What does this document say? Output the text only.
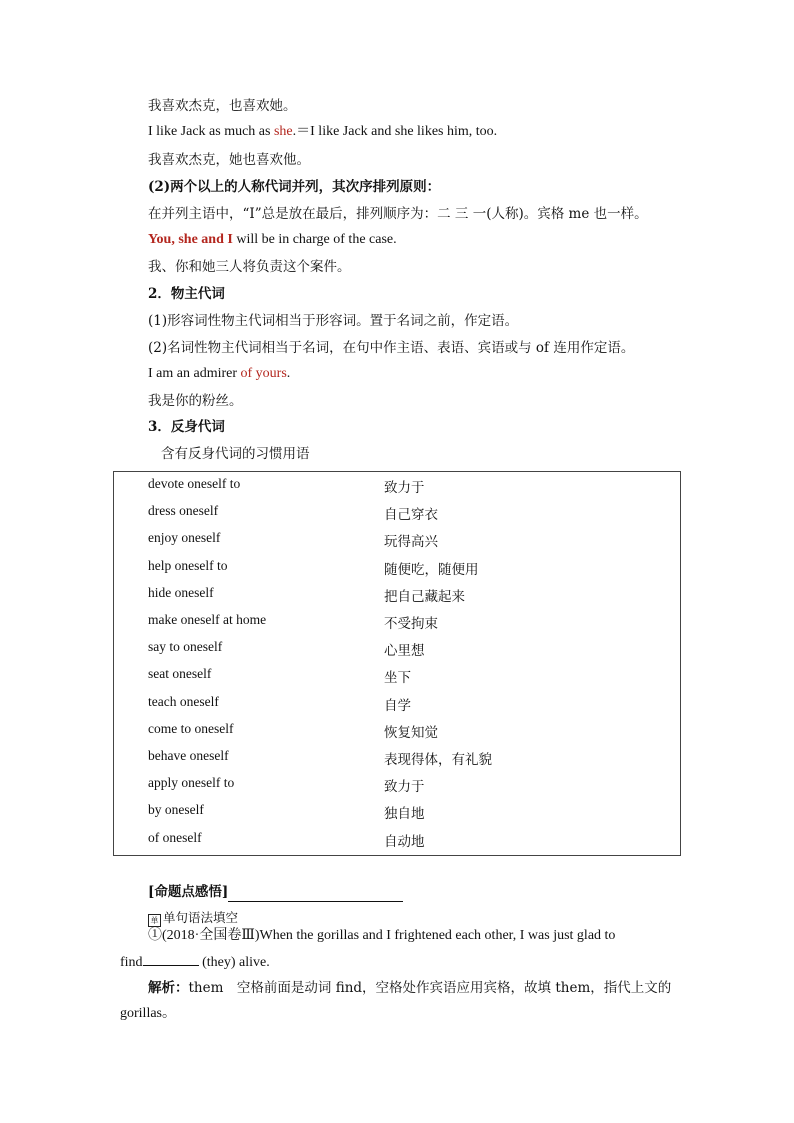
我喜欢杰克，也喜欢她。
I like Jack as much as she.＝I like Jack and she likes him, too.
我喜欢杰克，她也喜欢他。
(2)两个以上的人称代词并列，其次序排列原则：
在并列主语中，“I”总是放在最后，排列顺序为：二 三 一(人称)。宾格 me 也一样。
You, she and I will be in charge of the case.
我、你和她三人将负责这个案件。
2．物主代词
(1)形容词性物主代词相当于形容词。置于名词之前，作定语。
(2)名词性物主代词相当于名词，在句中作主语、表语、宾语或与 of 连用作定语。
I am an admirer of yours.
我是你的粉丝。
3．反身代词
含有反身代词的习惯用语
devote oneself to	致力于
dress oneself	自己穿衣
enjoy oneself	玩得高兴
help oneself to	随便吃，随便用
hide oneself	把自己藏起来
make oneself at home	不受拘束
say to oneself	心里想
seat oneself	坐下
teach oneself	自学
come to oneself	恢复知觉
behave oneself	表现得体，有礼貌
apply oneself to	致力于
by oneself	独自地
of oneself	自动地
[命题点感悟]
单 单句语法填空
①(2018·全国卷Ⅲ)When the gorillas and I frightened each other, I was just glad to
find	(they) alive.
解析：them　空格前面是动词 find，空格处作宾语应用宾格，故填 them，指代上文的
gorillas。
